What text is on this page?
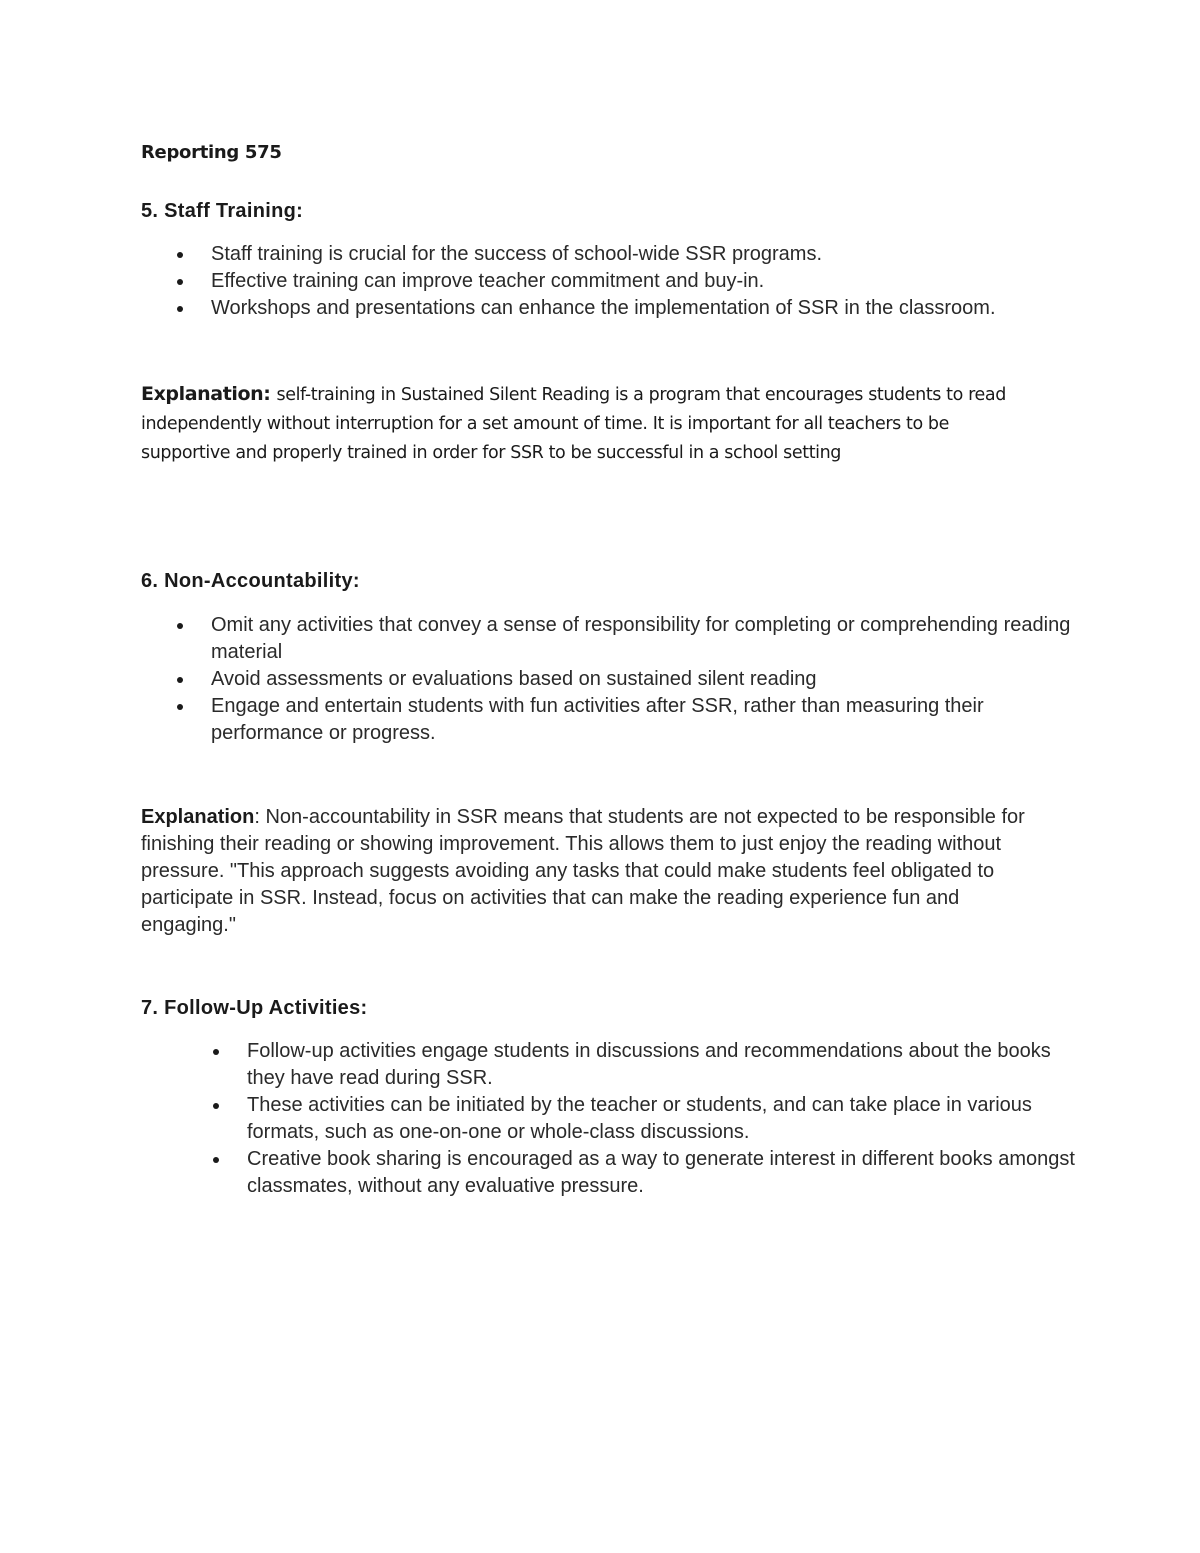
Reporting 575
5. Staff Training:
Staff training is crucial for the success of school-wide SSR programs.
Effective training can improve teacher commitment and buy-in.
Workshops and presentations can enhance the implementation of SSR in the classroom.

Explanation: self-training in Sustained Silent Reading is a program that encourages students to read independently without interruption for a set amount of time. It is important for all teachers to be supportive and properly trained in order for SSR to be successful in a school setting

6. Non-Accountability:
Omit any activities that convey a sense of responsibility for completing or comprehending reading material
Avoid assessments or evaluations based on sustained silent reading
Engage and entertain students with fun activities after SSR, rather than measuring their performance or progress.

Explanation: Non-accountability in SSR means that students are not expected to be responsible for finishing their reading or showing improvement. This allows them to just enjoy the reading without pressure. "This approach suggests avoiding any tasks that could make students feel obligated to participate in SSR. Instead, focus on activities that can make the reading experience fun and engaging."

7. Follow-Up Activities:
Follow-up activities engage students in discussions and recommendations about the books they have read during SSR.
These activities can be initiated by the teacher or students, and can take place in various formats, such as one-on-one or whole-class discussions.
Creative book sharing is encouraged as a way to generate interest in different books amongst classmates, without any evaluative pressure.
